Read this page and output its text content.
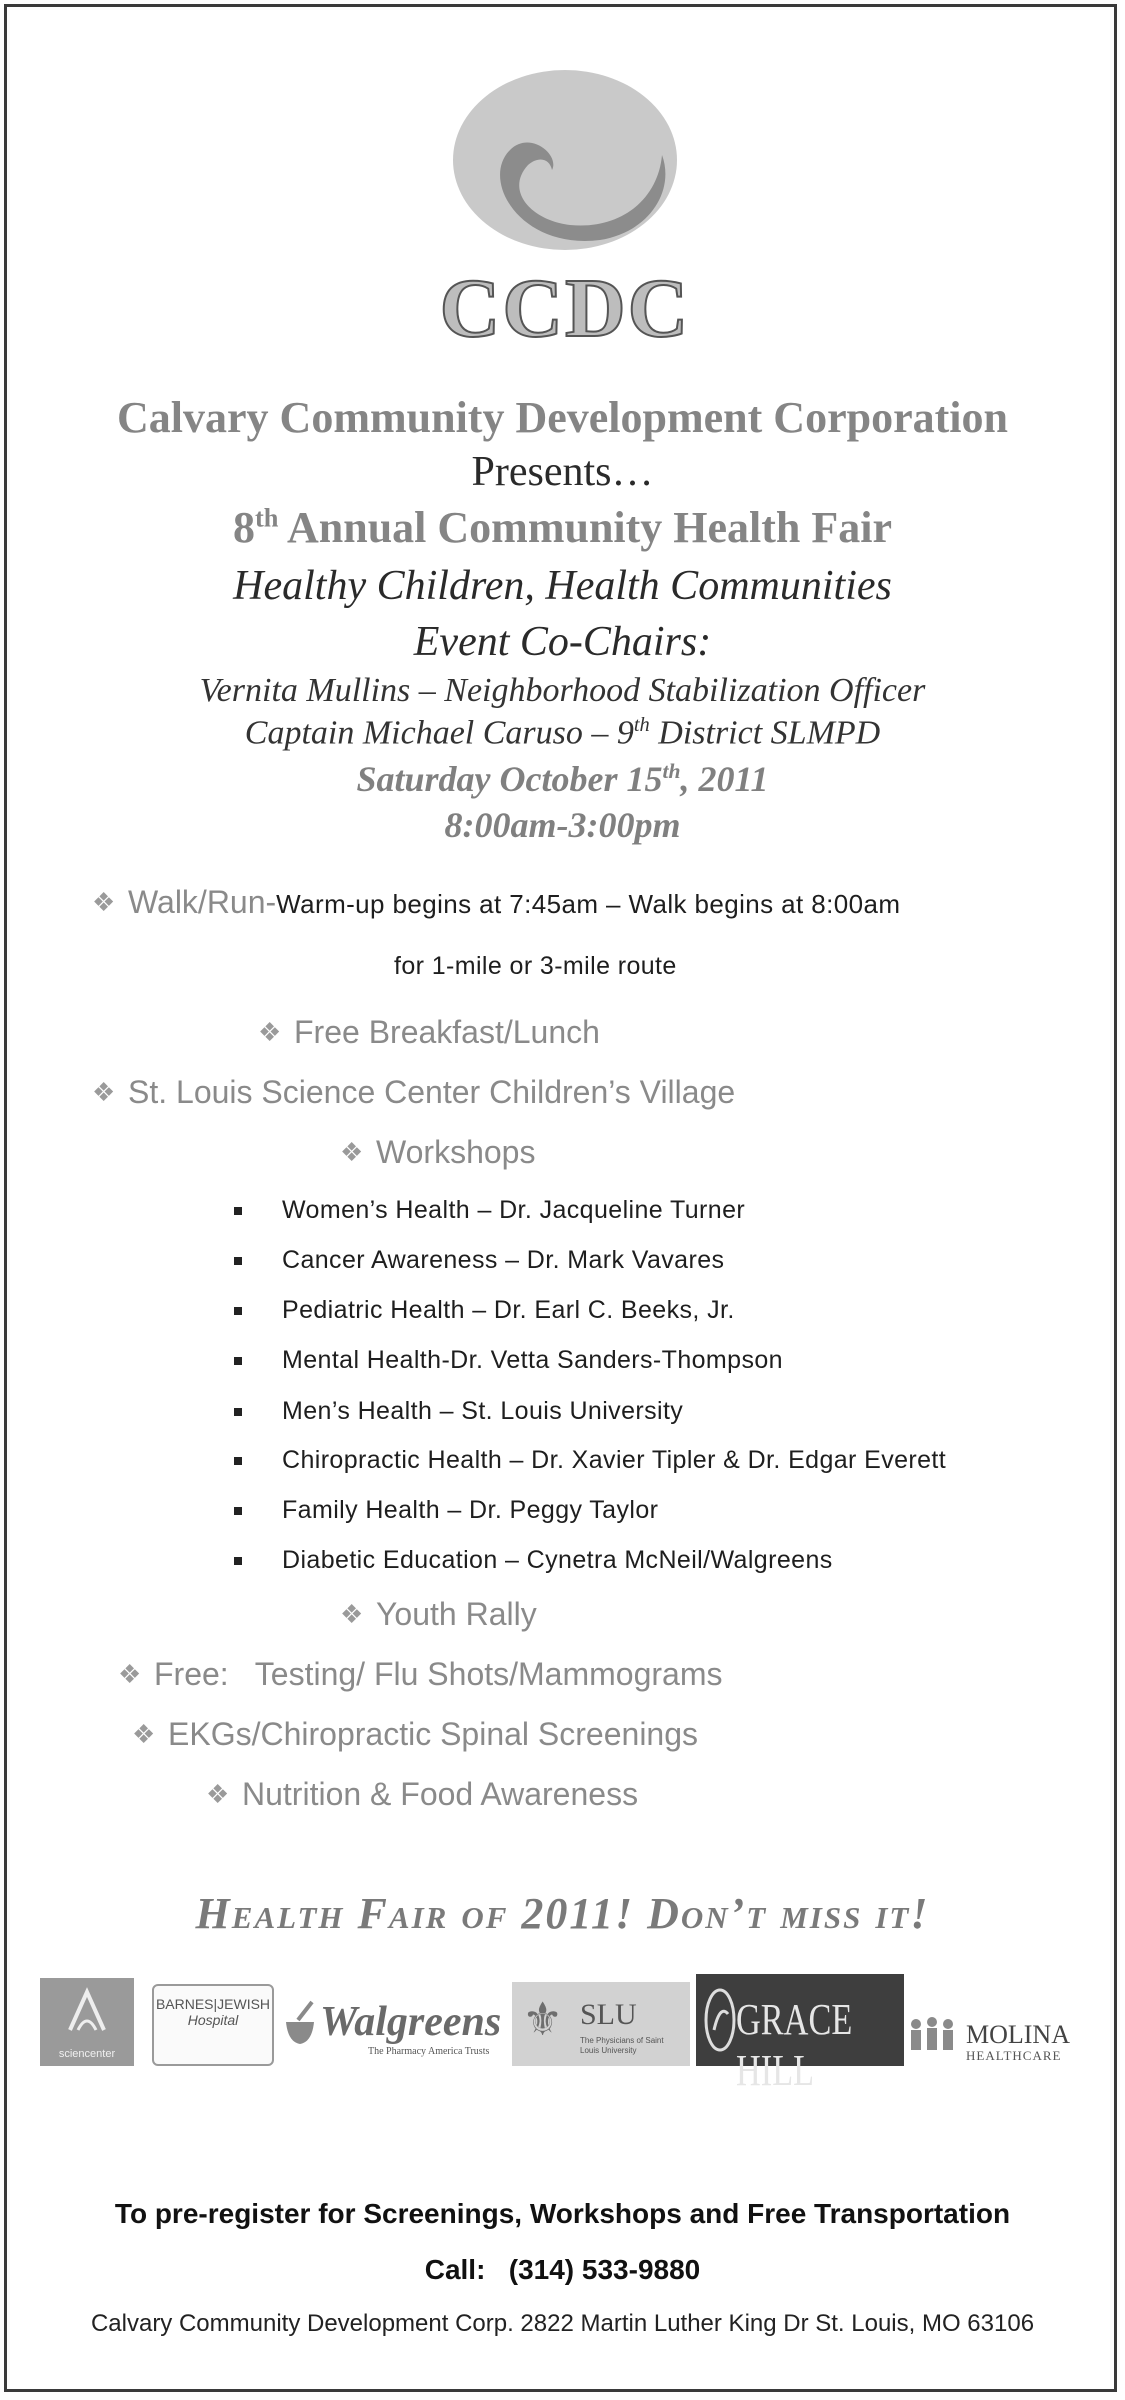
CCDC
Calvary Community Development Corporation
Presents…
8th Annual Community Health Fair
Healthy Children, Health Communities
Event Co-Chairs:
Vernita Mullins – Neighborhood Stabilization Officer
Captain Michael Caruso – 9th District SLMPD
Saturday October 15th, 2011
8:00am-3:00pm
❖ Walk/Run-Warm-up begins at 7:45am – Walk begins at 8:00am
for 1-mile or 3-mile route
❖ Free Breakfast/Lunch
❖ St. Louis Science Center Children’s Village
❖ Workshops
Women’s Health – Dr. Jacqueline Turner
Cancer Awareness – Dr. Mark Vavares
Pediatric Health – Dr. Earl C. Beeks, Jr.
Mental Health-Dr. Vetta Sanders-Thompson
Men’s Health – St. Louis University
Chiropractic Health – Dr. Xavier Tipler & Dr. Edgar Everett
Family Health – Dr. Peggy Taylor
Diabetic Education – Cynetra McNeil/Walgreens
❖ Youth Rally
❖ Free:   Testing/ Flu Shots/Mammograms
❖ EKGs/Chiropractic Spinal Screenings
❖ Nutrition & Food Awareness
Health Fair of 2011! Don’t miss it!
sciencenter
BARNES|JEWISH
Hospital	Walgreens
The Pharmacy America Trusts
⚜ SLU
The Physicians of Saint Louis University
GRACE HILL
MOLINA
HEALTHCARE
To pre-register for Screenings, Workshops and Free Transportation
Call: (314) 533-9880
Calvary Community Development Corp. 2822 Martin Luther King Dr St. Louis, MO 63106
